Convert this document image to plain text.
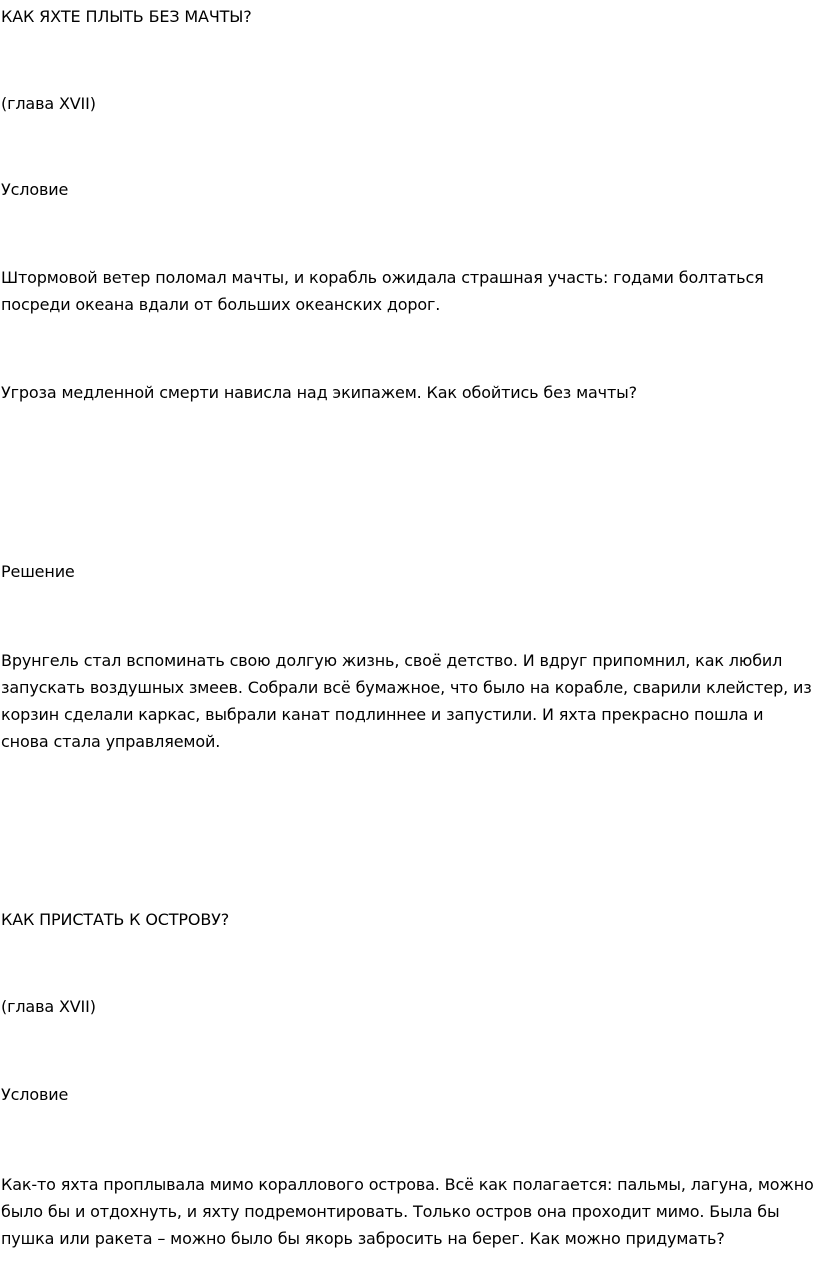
КАК ЯХТЕ ПЛЫТЬ БЕЗ МАЧТЫ?

(глава XVII)

Условие

Штормовой ветер поломал мачты, и корабль ожидала страшная участь: годами болтаться посреди океана вдали от больших океанских дорог.

Угроза медленной смерти нависла над экипажем. Как обойтись без мачты?

Решение

Врунгель стал вспоминать свою долгую жизнь, своё детство. И вдруг припомнил, как любил запускать воздушных змеев. Собрали всё бумажное, что было на корабле, сварили клейстер, из корзин сделали каркас, выбрали канат подлиннее и запустили. И яхта прекрасно пошла и снова стала управляемой.

КАК ПРИСТАТЬ К ОСТРОВУ?

(глава XVII)

Условие

Как-то яхта проплывала мимо кораллового острова. Всё как полагается: пальмы, лагуна, можно было бы и отдохнуть, и яхту подремонтировать. Только остров она проходит мимо. Была бы пушка или ракета – можно было бы якорь забросить на берег. Как можно придумать?
